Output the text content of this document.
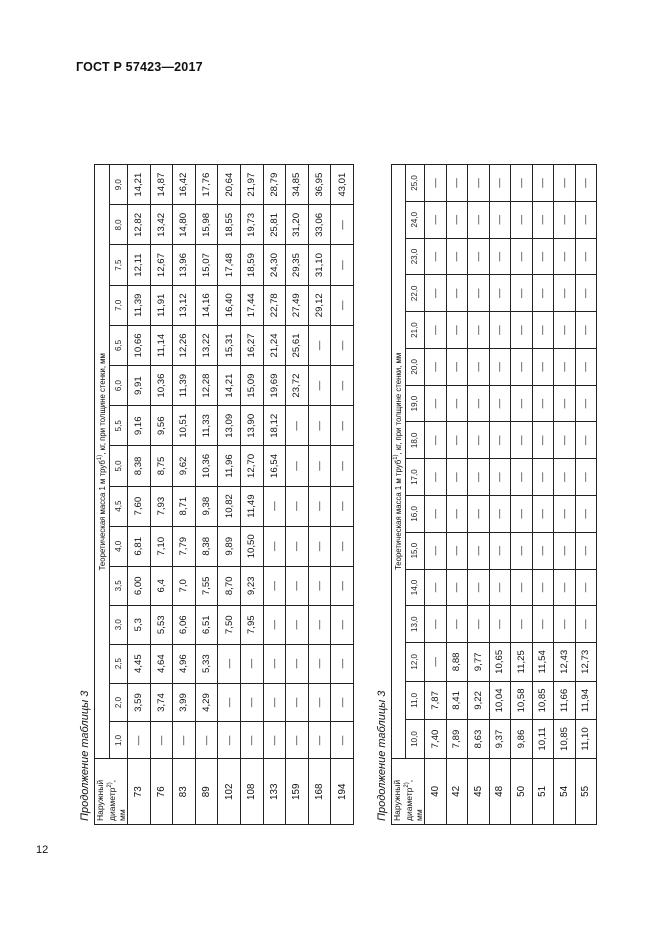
ГОСТ Р 57423—2017
Продолжение таблицы 3 Наружный диаметр$^{2)}$,
мм	Теоретическая масса 1 м труб$^{1)}$, кг, при толщине стенки, мм														
	1,0	2,0	2,5	3,0	3,5	4,0	4,5	5,0	5,5	6,0	6,5	7,0	7,5	8,0	9,0
73	—	3,59	4,45	5,3	6,00	6,81	7,60	8,38	9,16	9,91	10,66	11,39	12,11	12,82	14,21
76	—	3,74	4,64	5,53	6,4	7,10	7,93	8,75	9,56	10,36	11,14	11,91	12,67	13,42	14,87
83	—	3,99	4,96	6,06	7,0	7,79	8,71	9,62	10,51	11,39	12,26	13,12	13,96	14,80	16,42
89	—	4,29	5,33	6,51	7,55	8,38	9,38	10,36	11,33	12,28	13,22	14,16	15,07	15,98	17,76
102	—	—	—	7,50	8,70	9,89	10,82	11,96	13,09	14,21	15,31	16,40	17,48	18,55	20,64
108	—	—	—	7,95	9,23	10,50	11,49	12,70	13,90	15,09	16,27	17,44	18,59	19,73	21,97
133	—	—	—	—	—	—	—	16,54	18,12	19,69	21,24	22,78	24,30	25,81	28,79
159	—	—	—	—	—	—	—	—	—	23,72	25,61	27,49	29,35	31,20	34,85
168	—	—	—	—	—	—	—	—	—	—	—	29,12	31,10	33,06	36,95
194	—	—	—	—	—	—	—	—	—	—	—	—	—	—	43,01
Продолжение таблицы 3 Наружный диаметр$^{2)}$,
мм	Теоретическая масса 1 м труб$^{1)}$, кг, при толщине стенки, мм															
	10,0	11,0	12,0	13,0	14,0	15,0	16,0	17,0	18,0	19,0	20,0	21,0	22,0	23,0	24,0	25,0
40	7,40	7,87	—	—	—	—	—	—	—	—	—	—	—	—	—	—
42	7,89	8,41	8,88	—	—	—	—	—	—	—	—	—	—	—	—	—
45	8,63	9,22	9,77	—	—	—	—	—	—	—	—	—	—	—	—	—
48	9,37	10,04	10,65	—	—	—	—	—	—	—	—	—	—	—	—	—
50	9,86	10,58	11,25	—	—	—	—	—	—	—	—	—	—	—	—	—
51	10,11	10,85	11,54	—	—	—	—	—	—	—	—	—	—	—	—	—
54	10,85	11,66	12,43	—	—	—	—	—	—	—	—	—	—	—	—	—
55	11,10	11,94	12,73	—	—	—	—	—	—	—	—	—	—	—	—	—
12
